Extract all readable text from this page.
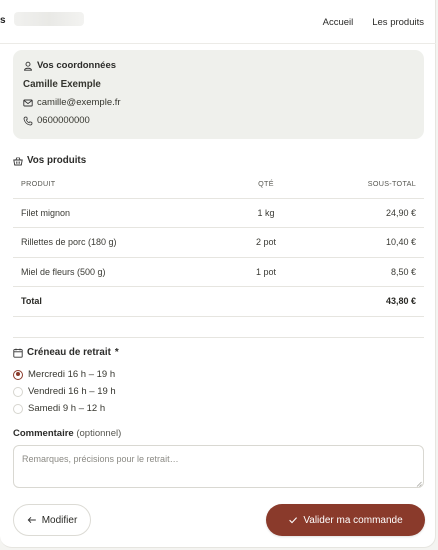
s	Accueil Les produits
Vos coordonnées
Camille Exemple
camille@exemple.fr
0600000000
Vos produits
PRODUIT	QTÉ	SOUS-TOTAL
Filet mignon	1 kg	24,90 €
Rillettes de porc (180 g)	2 pot	10,40 €
Miel de fleurs (500 g)	1 pot	8,50 €
Total		43,80 €
Créneau de retrait *
Mercredi 16 h – 19 h
Vendredi 16 h – 19 h
Samedi 9 h – 12 h
Commentaire (optionnel)
Remarques, précisions pour le retrait…
Modifier	Valider ma commande
